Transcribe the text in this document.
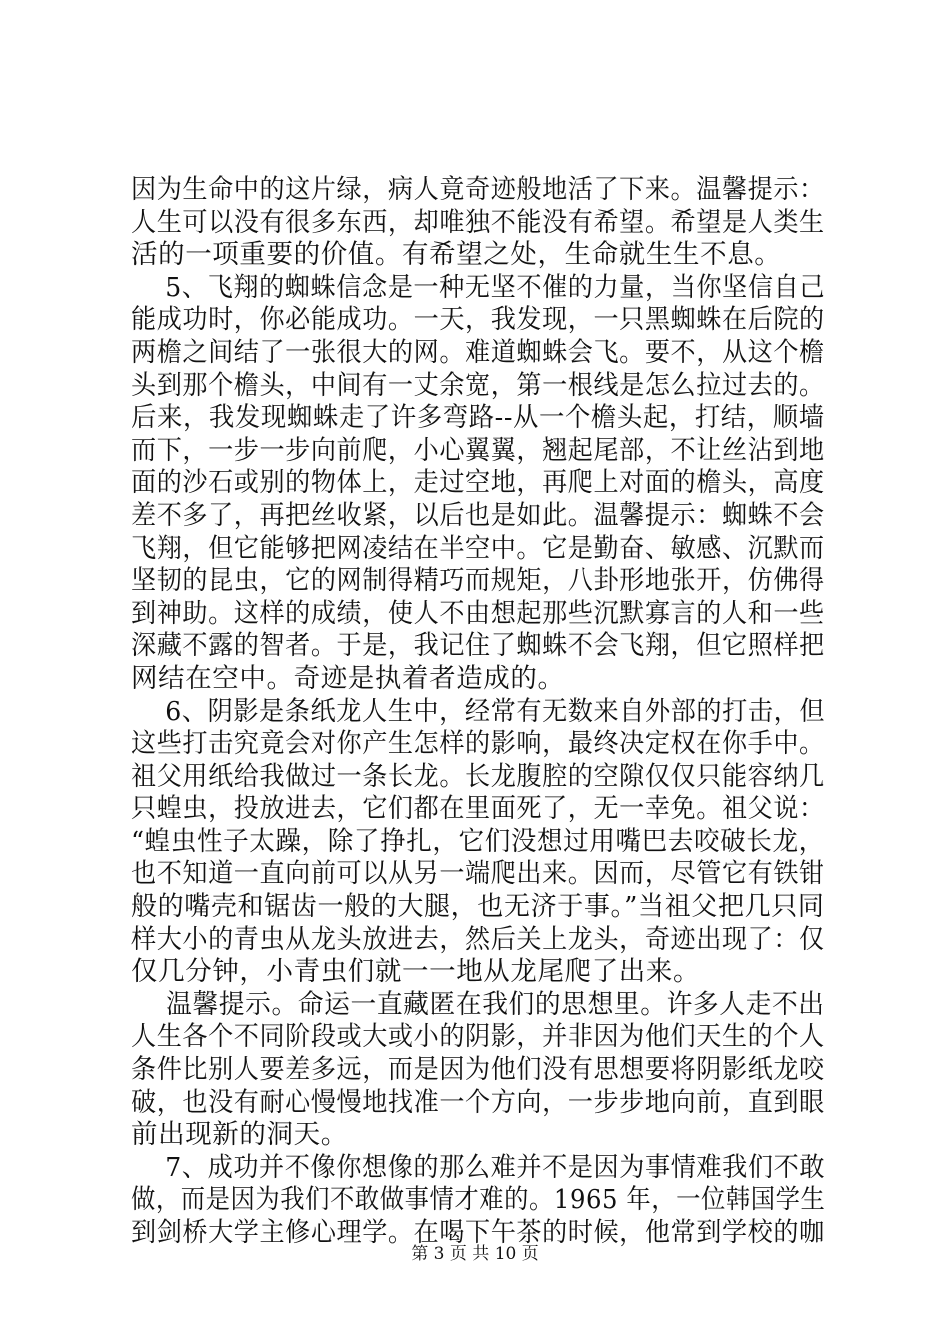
因为生命中的这片绿，病人竟奇迹般地活了下来。温馨提示：
人生可以没有很多东西，却唯独不能没有希望。希望是人类生
活的一项重要的价值。有希望之处，生命就生生不息。
　 5、飞翔的蜘蛛信念是一种无坚不催的力量，当你坚信自己
能成功时，你必能成功。一天，我发现，一只黑蜘蛛在后院的
两檐之间结了一张很大的网。难道蜘蛛会飞。要不，从这个檐
头到那个檐头，中间有一丈余宽，第一根线是怎么拉过去的。
后来，我发现蜘蛛走了许多弯路--从一个檐头起，打结，顺墙
而下，一步一步向前爬，小心翼翼，翘起尾部，不让丝沾到地
面的沙石或别的物体上，走过空地，再爬上对面的檐头，高度
差不多了，再把丝收紧，以后也是如此。温馨提示：蜘蛛不会
飞翔，但它能够把网凌结在半空中。它是勤奋、敏感、沉默而
坚韧的昆虫，它的网制得精巧而规矩，八卦形地张开，仿佛得
到神助。这样的成绩，使人不由想起那些沉默寡言的人和一些
深藏不露的智者。于是，我记住了蜘蛛不会飞翔，但它照样把
网结在空中。奇迹是执着者造成的。
　 6、阴影是条纸龙人生中，经常有无数来自外部的打击，但
这些打击究竟会对你产生怎样的影响，最终决定权在你手中。
祖父用纸给我做过一条长龙。长龙腹腔的空隙仅仅只能容纳几
只蝗虫，投放进去，它们都在里面死了，无一幸免。祖父说：
“蝗虫性子太躁，除了挣扎，它们没想过用嘴巴去咬破长龙，
也不知道一直向前可以从另一端爬出来。因而，尽管它有铁钳
般的嘴壳和锯齿一般的大腿，也无济于事。”当祖父把几只同
样大小的青虫从龙头放进去，然后关上龙头，奇迹出现了：仅
仅几分钟，小青虫们就一一地从龙尾爬了出来。
　 温馨提示。命运一直藏匿在我们的思想里。许多人走不出
人生各个不同阶段或大或小的阴影，并非因为他们天生的个人
条件比别人要差多远，而是因为他们没有思想要将阴影纸龙咬
破，也没有耐心慢慢地找准一个方向，一步步地向前，直到眼
前出现新的洞天。
　 7、成功并不像你想像的那么难并不是因为事情难我们不敢
做，而是因为我们不敢做事情才难的。1965 年，一位韩国学生
到剑桥大学主修心理学。在喝下午茶的时候，他常到学校的咖
第 3 页 共 10 页
